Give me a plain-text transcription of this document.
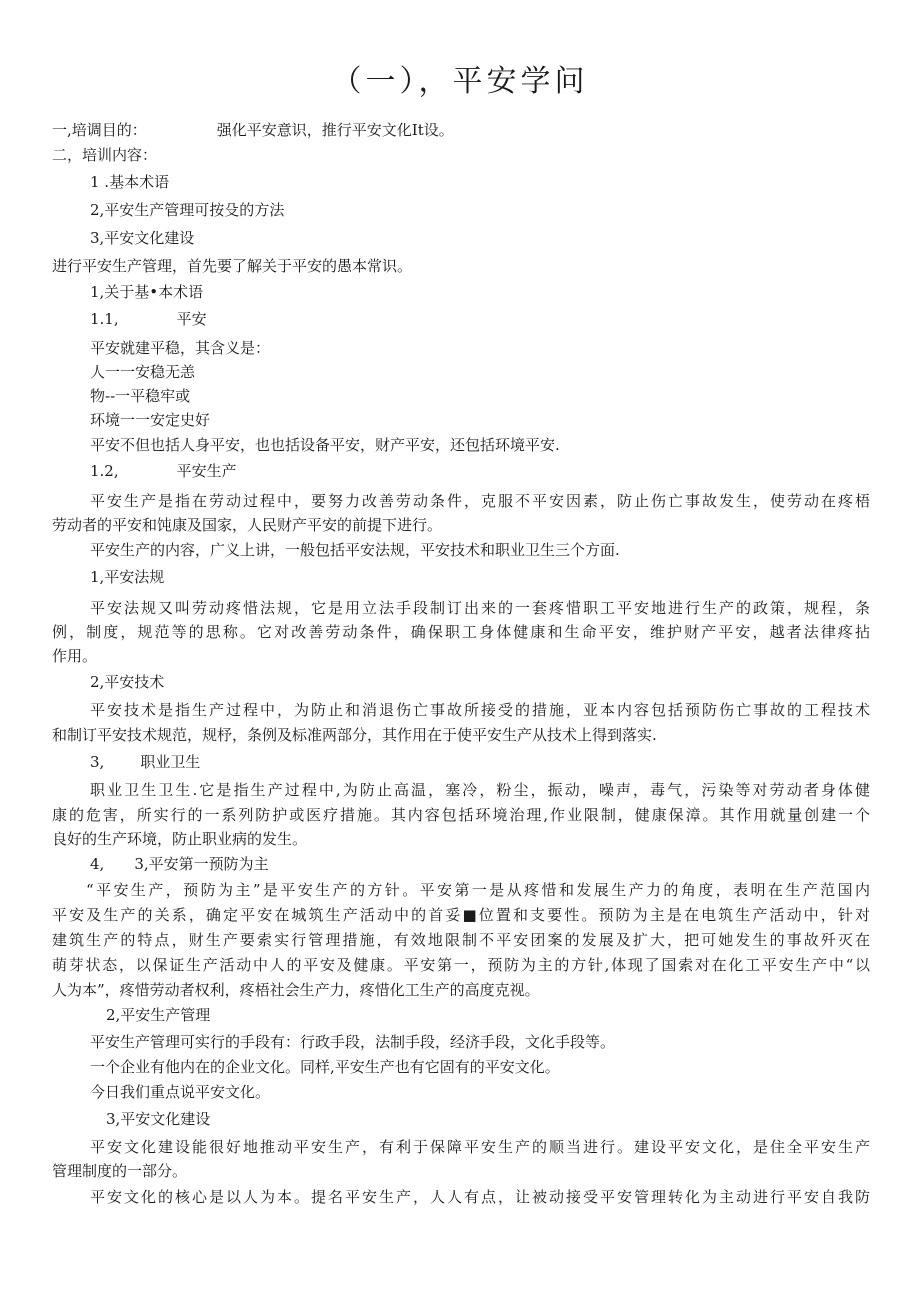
（一），平安学问
一,培调目的：	强化平安意识，推行平安文化It设。
二，培训内容：
1 .基本术语
2,平安生产管理可按殳的方法
3,平安文化建设
进行平安生产管理，首先要了解关于平安的愚本常识。
1,关于基•本术语
1.1,	平安
平安就建平稳，其含义是：
人一一安稳无恙
物--一平稳牢或
环境一一安定史好
平安不但也括人身平安，也也括设备平安，财产平安，还包括环境平安.
1.2,	平安生产
平安生产是指在劳动过程中，要努力改善劳动条件，克服不平安因素，防止伤亡事故发生，使劳动在疼梧
劳动者的平安和饨康及国家，人民财产平安的前提下进行。
平安生产的内容，广义上讲，一般包括平安法规，平安技术和职业卫生三个方面.
1,平安法规
平安法规又叫劳动疼惜法规，它是用立法手段制订出来的一套疼惜职工平安地进行生产的政策，规程，条
例，制度，规范等的思称。它对改善劳动条件，确保职工身体健康和生命平安，维护财产平安，越者法律疼拈
作用。
2,平安技术
平安技术是指生产过程中，为防止和消退伤亡事故所接受的措施，亚本内容包括预防伤亡事故的工程技术
和制订平安技术规范，规杼，条例及标准两部分，其作用在于使平安生产从技术上得到落实.
3, 职业卫生
职业卫生卫生.它是指生产过程中,为防止高温，塞冷，粉尘，振动，噪声，毒气，污染等对劳动者身体健
康的危害，所实行的一系列防护或医疗措施。其内容包括环境治理,作业限制，健康保漳。其作用就量创建一个
良好的生产环境，防止职业病的发生。
4, 3,平安第一预防为主
“平安生产，预防为主”是平安生产的方针。平安第一是从疼惜和发展生产力的角度，表明在生产范国内
平安及生产的关系，确定平安在城筑生产活动中的首妥■位置和支要性。预防为主是在电筑生产活动中，针对
建筑生产的特点，财生产要索实行管理措施，有效地限制不平安团案的发展及扩大，把可她发生的事故歼灭在
萌芽状态，以保证生产活动中人的平安及健康。平安第一，预防为主的方针,体现了国索对在化工平安生产中“以
人为本”，疼惜劳动者权利，疼梧社会生产力，疼惜化工生产的高度克视。
2,平安生产管理
平安生产管理可实行的手段有：行政手段，法制手段，经济手段，文化手段等。
一个企业有他内在的企业文化。同样,平安生产也有它固有的平安文化。
今日我们重点说平安文化。
3,平安文化建设
平安文化建设能很好地推动平安生产，有利于保障平安生产的顺当进行。建设平安文化，是住全平安生产
管理制度的一部分。
平安文化的核心是以人为本。提名平安生产，人人有点，让被动接受平安管理转化为主动进行平安自我防
